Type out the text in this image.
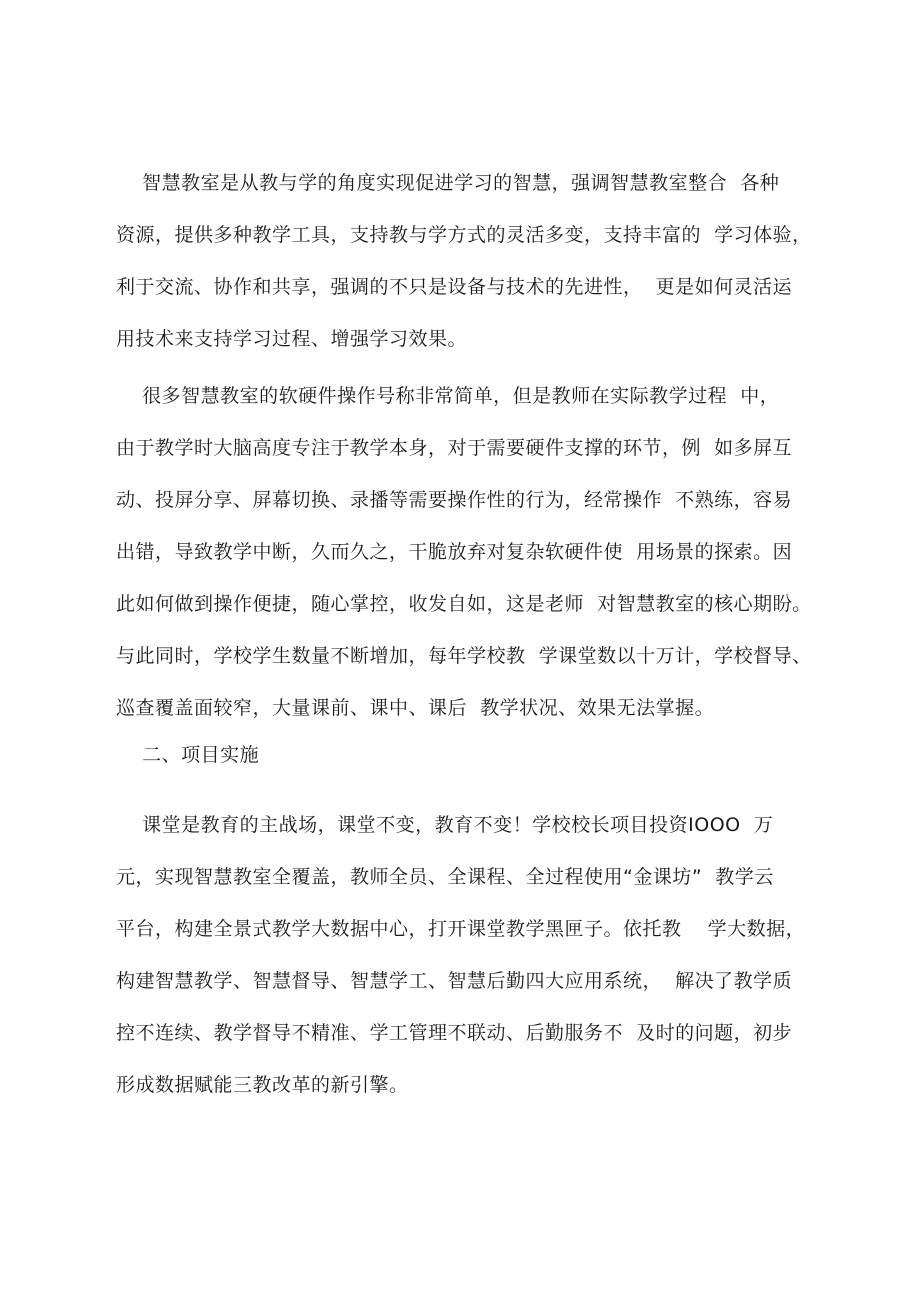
智慧教室是从教与学的角度实现促进学习的智慧，强调智慧教室整合  各种
资源，提供多种教学工具，支持教与学方式的灵活多变，支持丰富的  学习体验，
利于交流、协作和共享，强调的不只是设备与技术的先进性，  更是如何灵活运
用技术来支持学习过程、增强学习效果。
很多智慧教室的软硬件操作号称非常简单，但是教师在实际教学过程  中，
由于教学时大脑高度专注于教学本身，对于需要硬件支撑的环节，例  如多屏互
动、投屏分享、屏幕切换、录播等需要操作性的行为，经常操作  不熟练，容易
出错，导致教学中断，久而久之，干脆放弃对复杂软硬件使  用场景的探索。因
此如何做到操作便捷，随心掌控，收发自如，这是老师  对智慧教室的核心期盼。
与此同时，学校学生数量不断增加，每年学校教  学课堂数以十万计，学校督导、
巡查覆盖面较窄，大量课前、课中、课后  教学状况、效果无法掌握。
二、项目实施
课堂是教育的主战场，课堂不变，教育不变！学校校长项目投资IOOO  万
元，实现智慧教室全覆盖，教师全员、全课程、全过程使用“金课坊”  教学云
平台，构建全景式教学大数据中心，打开课堂教学黑匣子。依托教    学大数据，
构建智慧教学、智慧督导、智慧学工、智慧后勤四大应用系统，  解决了教学质
控不连续、教学督导不精准、学工管理不联动、后勤服务不  及时的问题，初步
形成数据赋能三教改革的新引擎。
